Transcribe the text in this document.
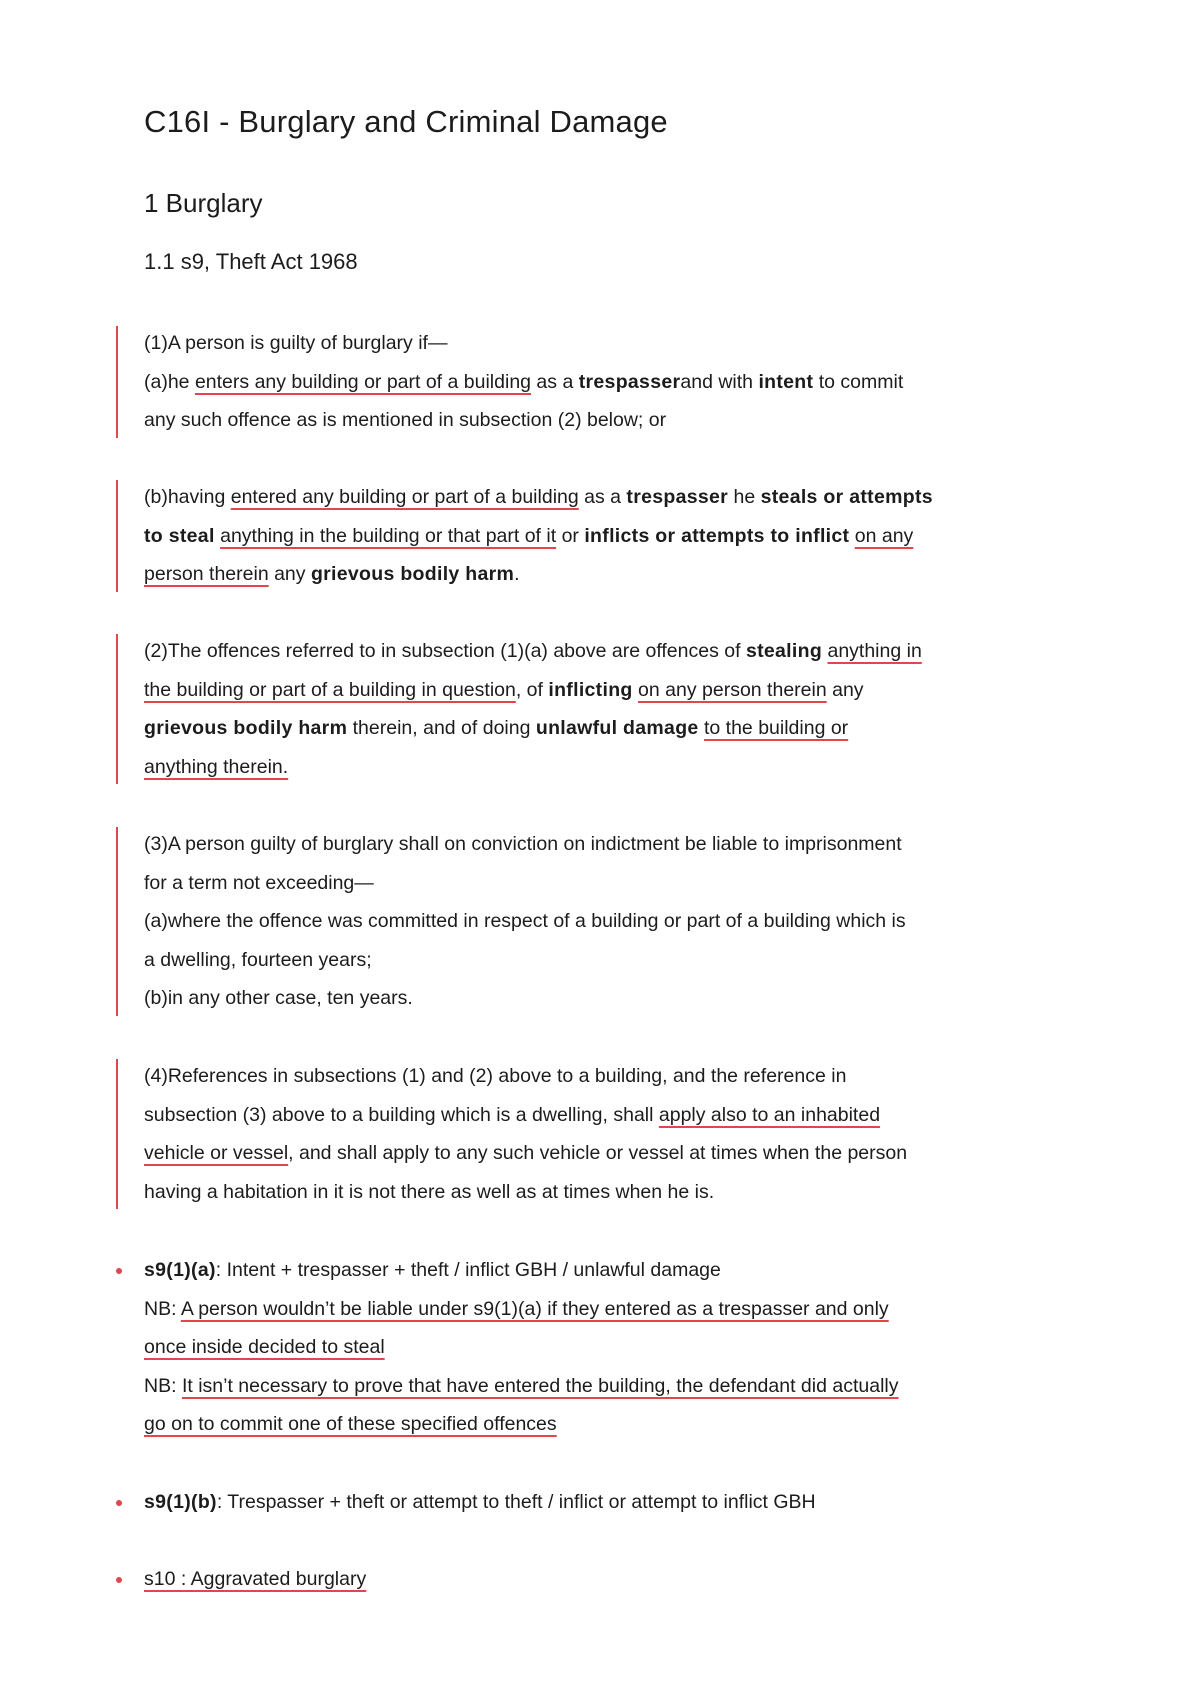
C16I - Burglary and Criminal Damage
1 Burglary
1.1 s9, Theft Act 1968
(1)A person is guilty of burglary if—
(a)he enters any building or part of a building as a trespasserand with intent to commit
any such offence as is mentioned in subsection (2) below; or
(b)having entered any building or part of a building as a trespasser he steals or attempts
to steal anything in the building or that part of it or inflicts or attempts to inflict on any
person therein any grievous bodily harm.
(2)The offences referred to in subsection (1)(a) above are offences of stealing anything in
the building or part of a building in question, of inflicting on any person therein any
grievous bodily harm therein, and of doing unlawful damage to the building or
anything therein.
(3)A person guilty of burglary shall on conviction on indictment be liable to imprisonment
for a term not exceeding—
(a)where the offence was committed in respect of a building or part of a building which is
a dwelling, fourteen years;
(b)in any other case, ten years.
(4)References in subsections (1) and (2) above to a building, and the reference in
subsection (3) above to a building which is a dwelling, shall apply also to an inhabited
vehicle or vessel, and shall apply to any such vehicle or vessel at times when the person
having a habitation in it is not there as well as at times when he is.
s9(1)(a): Intent + trespasser + theft / inflict GBH / unlawful damage
NB: A person wouldn’t be liable under s9(1)(a) if they entered as a trespasser and only
once inside decided to steal
NB: It isn’t necessary to prove that have entered the building, the defendant did actually
go on to commit one of these specified offences
s9(1)(b): Trespasser + theft or attempt to theft / inflict or attempt to inflict GBH
s10 : Aggravated burglary
